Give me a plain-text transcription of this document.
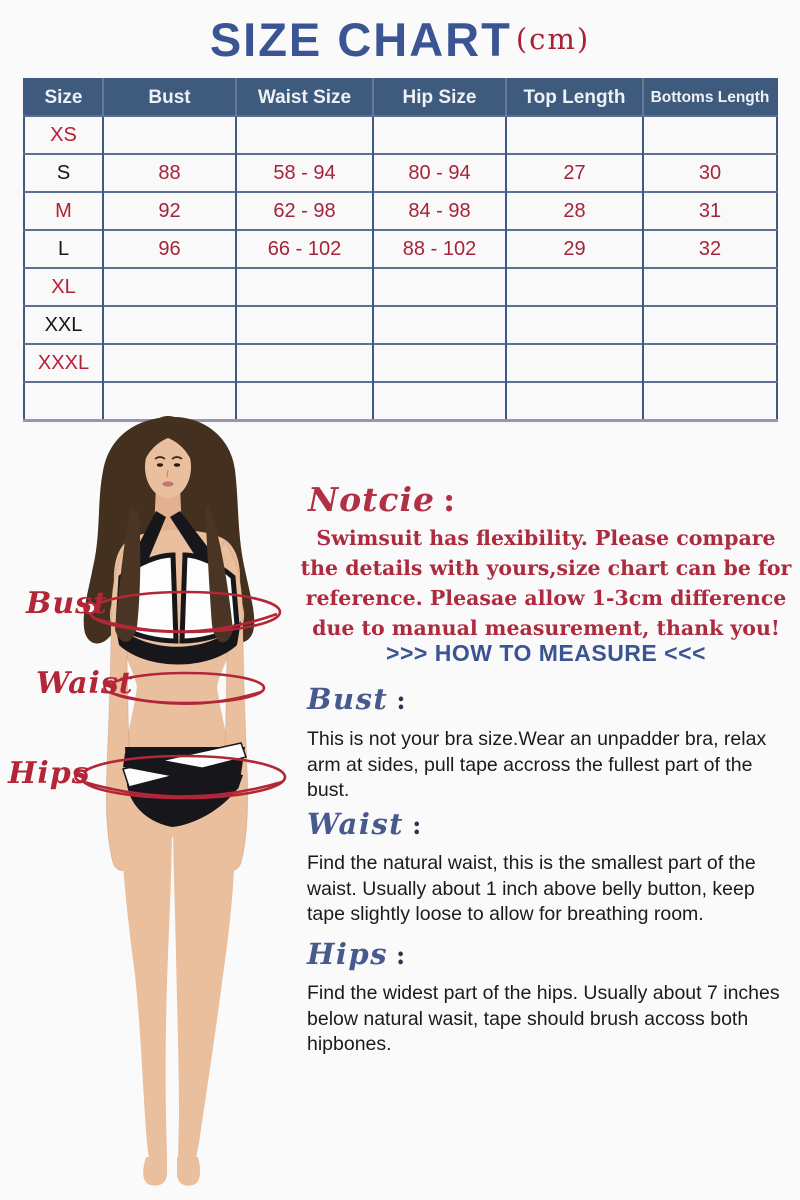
SIZE CHART (cm)
Size	Bust	Waist Size	Hip Size	Top Length	Bottoms Length
XS					
S	88	58 - 94	80 - 94	27	30
M	92	62 - 98	84 - 98	28	31
L	96	66 - 102	88 - 102	29	32
XL					
XXL					
XXXL					

Bust
Waist
Hips
Notcie :
Swimsuit has flexibility. Please compare the details with yours,size chart can be for reference. Pleasae allow 1-3cm difference due to manual measurement, thank you!
>>> HOW TO MEASURE <<<
Bust :
This is not your bra size.Wear an unpadder bra, relax arm at sides, pull tape accross the fullest part of the bust.
Waist :
Find the natural waist, this is the smallest part of the waist. Usually about 1 inch above belly button, keep tape slightly loose to allow for breathing room.
Hips :
Find the widest part of the hips. Usually about 7 inches below natural wasit, tape should brush accoss both hipbones.
